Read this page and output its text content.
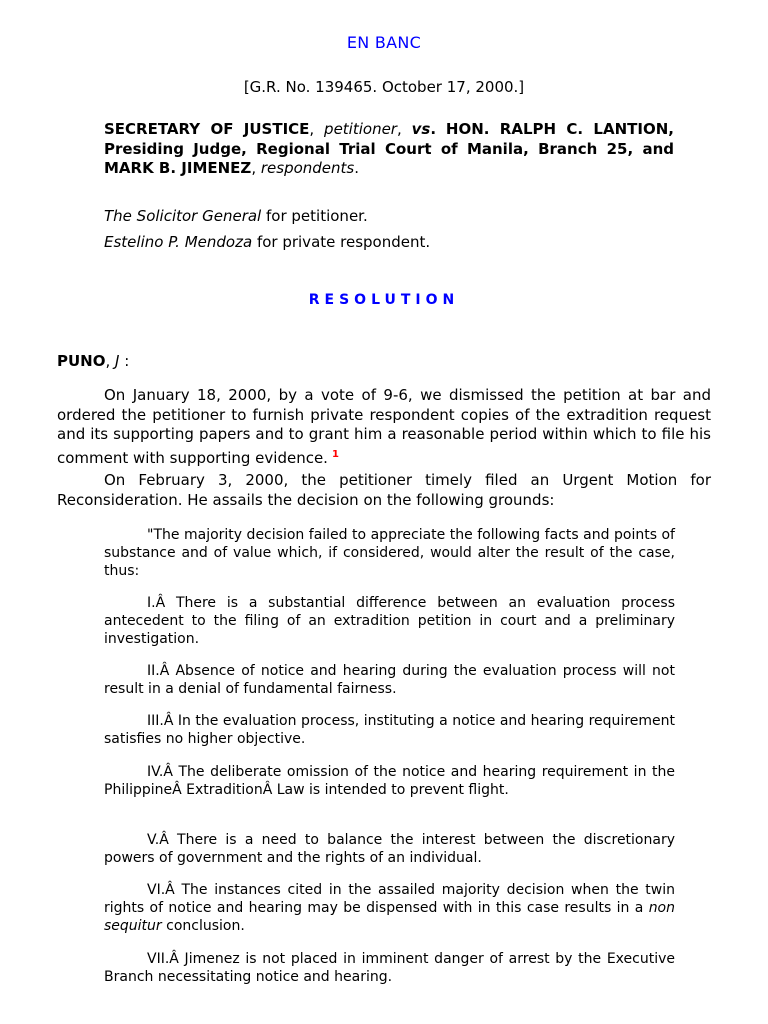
EN BANC
[G.R. No. 139465. October 17, 2000.]
SECRETARY OF JUSTICE, petitioner, vs. HON. RALPH C. LANTION, Presiding Judge, Regional Trial Court of Manila, Branch 25, and MARK B. JIMENEZ, respondents.
The Solicitor General for petitioner.
Estelino P. Mendoza for private respondent.
RESOLUTION
PUNO, J :
On January 18, 2000, by a vote of 9-6, we dismissed the petition at bar and ordered the petitioner to furnish private respondent copies of the extradition request and its supporting papers and to grant him a reasonable period within which to file his comment with supporting evidence. $^1$
On February 3, 2000, the petitioner timely filed an Urgent Motion for Reconsideration. He assails the decision on the following grounds:
"The majority decision failed to appreciate the following facts and points of substance and of value which, if considered, would alter the result of the case, thus:
I.Â There is a substantial difference between an evaluation process antecedent to the filing of an extradition petition in court and a preliminary investigation.
II.Â Absence of notice and hearing during the evaluation process will not result in a denial of fundamental fairness.
III.Â In the evaluation process, instituting a notice and hearing requirement satisfies no higher objective.
IV.Â The deliberate omission of the notice and hearing requirement in the PhilippineÂ ExtraditionÂ Law is intended to prevent flight.
V.Â There is a need to balance the interest between the discretionary powers of government and the rights of an individual.
VI.Â The instances cited in the assailed majority decision when the twin rights of notice and hearing may be dispensed with in this case results in a non sequitur conclusion.
VII.Â Jimenez is not placed in imminent danger of arrest by the Executive Branch necessitating notice and hearing.
